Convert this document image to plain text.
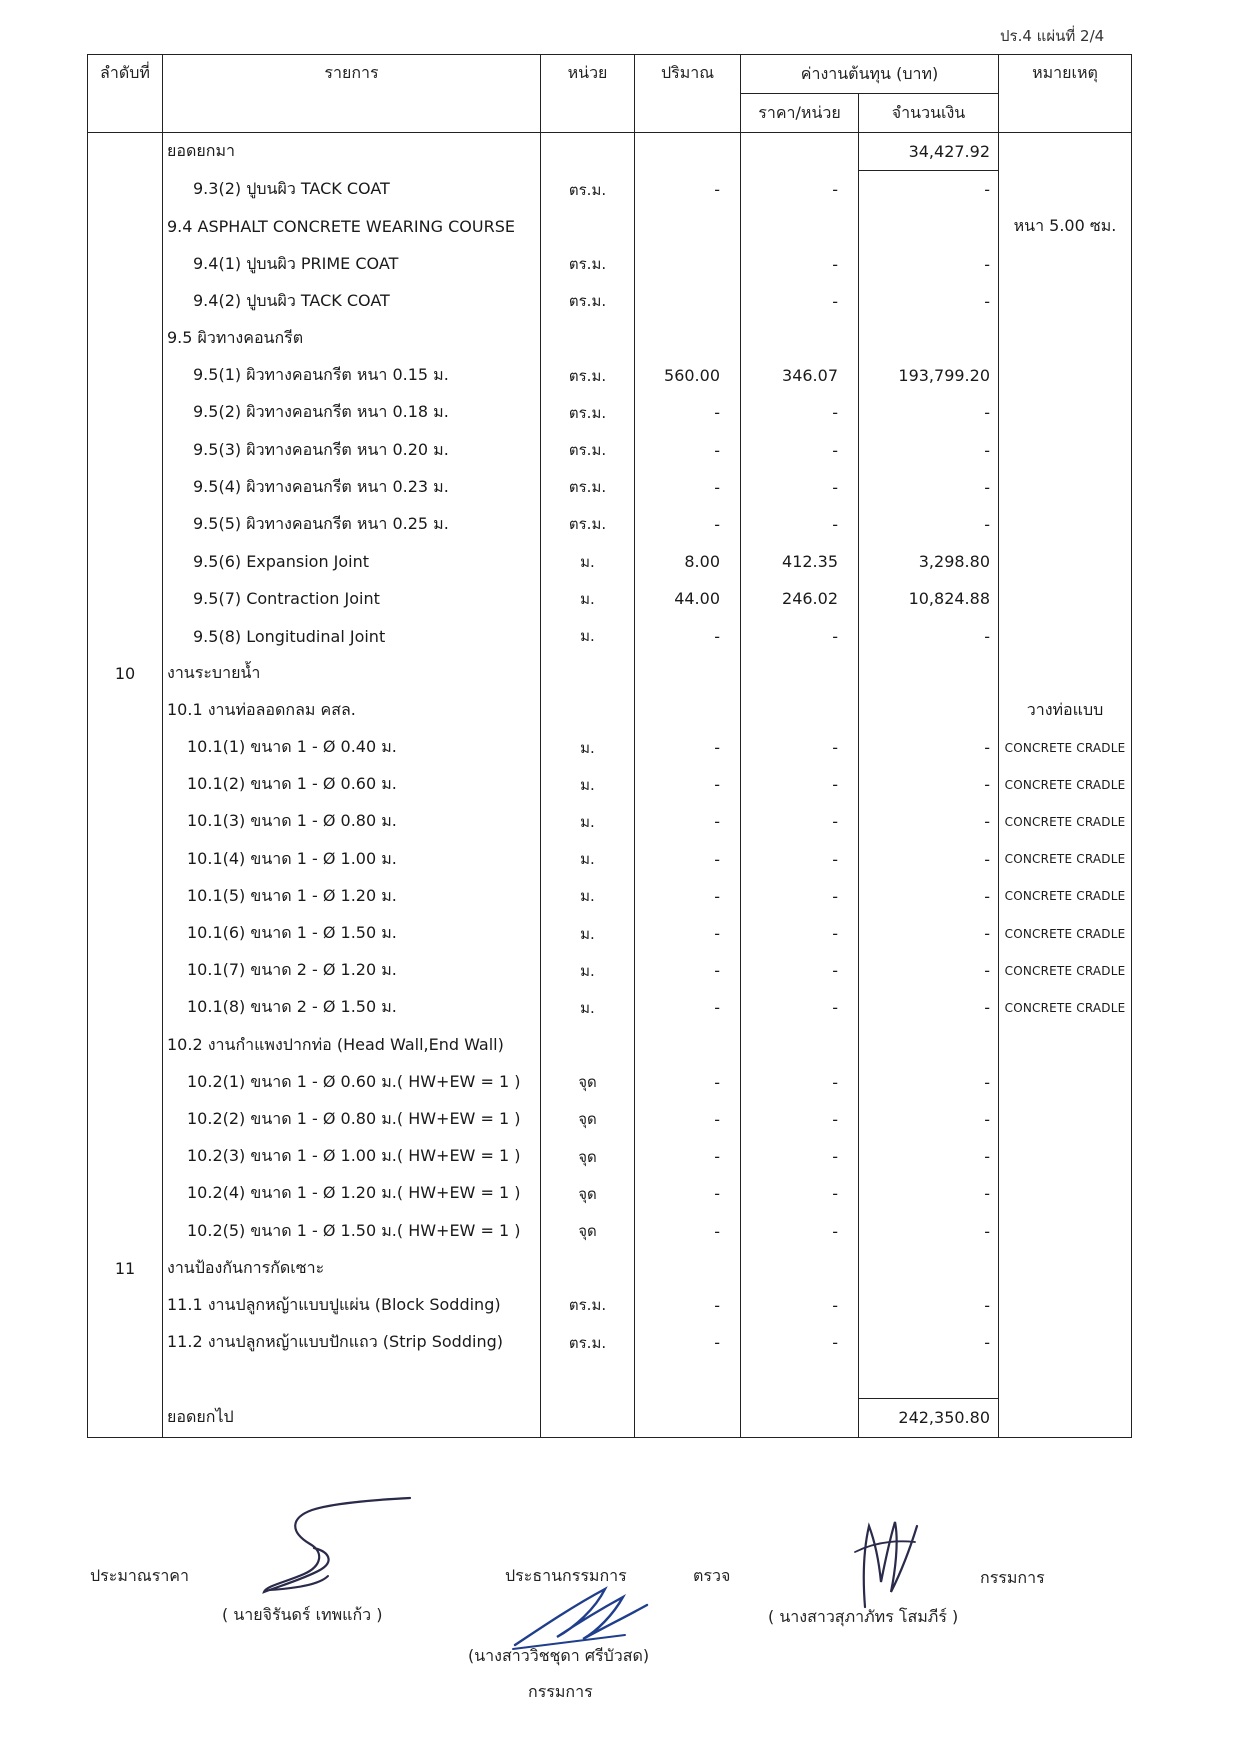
ปร.4 แผ่นที่ 2/4
ลำดับที่	รายการ	หน่วย	ปริมาณ	ค่างานต้นทุน (บาท)		หมายเหตุ
				ราคา/หน่วย	จำนวนเงิน	
	ยอดยกมา				34,427.92	
	9.3(2) ปูบนผิว TACK COAT	ตร.ม.	-	-	-	
	9.4 ASPHALT CONCRETE WEARING COURSE					หนา 5.00 ซม.
	9.4(1) ปูบนผิว PRIME COAT	ตร.ม.		-	-	
	9.4(2) ปูบนผิว TACK COAT	ตร.ม.		-	-	
	9.5 ผิวทางคอนกรีต					
	9.5(1) ผิวทางคอนกรีต หนา 0.15 ม.	ตร.ม.	560.00	346.07	193,799.20	
	9.5(2) ผิวทางคอนกรีต หนา 0.18 ม.	ตร.ม.	-	-	-	
	9.5(3) ผิวทางคอนกรีต หนา 0.20 ม.	ตร.ม.	-	-	-	
	9.5(4) ผิวทางคอนกรีต หนา 0.23 ม.	ตร.ม.	-	-	-	
	9.5(5) ผิวทางคอนกรีต หนา 0.25 ม.	ตร.ม.	-	-	-	
	9.5(6) Expansion Joint	ม.	8.00	412.35	3,298.80	
	9.5(7) Contraction Joint	ม.	44.00	246.02	10,824.88	
	9.5(8) Longitudinal Joint	ม.	-	-	-	
10	งานระบายน้ำ					
	10.1 งานท่อลอดกลม คสล.					วางท่อแบบ
	10.1(1) ขนาด 1 - Ø 0.40 ม.	ม.	-	-	-	CONCRETE CRADLE
	10.1(2) ขนาด 1 - Ø 0.60 ม.	ม.	-	-	-	CONCRETE CRADLE
	10.1(3) ขนาด 1 - Ø 0.80 ม.	ม.	-	-	-	CONCRETE CRADLE
	10.1(4) ขนาด 1 - Ø 1.00 ม.	ม.	-	-	-	CONCRETE CRADLE
	10.1(5) ขนาด 1 - Ø 1.20 ม.	ม.	-	-	-	CONCRETE CRADLE
	10.1(6) ขนาด 1 - Ø 1.50 ม.	ม.	-	-	-	CONCRETE CRADLE
	10.1(7) ขนาด 2 - Ø 1.20 ม.	ม.	-	-	-	CONCRETE CRADLE
	10.1(8) ขนาด 2 - Ø 1.50 ม.	ม.	-	-	-	CONCRETE CRADLE
	10.2 งานกำแพงปากท่อ (Head Wall,End Wall)					
	10.2(1) ขนาด 1 - Ø 0.60 ม.( HW+EW = 1 )	จุด	-	-	-	
	10.2(2) ขนาด 1 - Ø 0.80 ม.( HW+EW = 1 )	จุด	-	-	-	
	10.2(3) ขนาด 1 - Ø 1.00 ม.( HW+EW = 1 )	จุด	-	-	-	
	10.2(4) ขนาด 1 - Ø 1.20 ม.( HW+EW = 1 )	จุด	-	-	-	
	10.2(5) ขนาด 1 - Ø 1.50 ม.( HW+EW = 1 )	จุด	-	-	-	
11	งานป้องกันการกัดเซาะ					
	11.1 งานปลูกหญ้าแบบปูแผ่น (Block Sodding)	ตร.ม.	-	-	-	
	11.2 งานปลูกหญ้าแบบปักแถว (Strip Sodding)	ตร.ม.	-	-	-	

	ยอดยกไป				242,350.80	
ประมาณราคา
( นายจิรันดร์ เทพแก้ว )
ประธานกรรมการ	ตรวจ
(นางสาววิชชุดา ศรีบัวสด)
กรรมการ
กรรมการ
( นางสาวสุภาภัทร โสมภีร์ )
